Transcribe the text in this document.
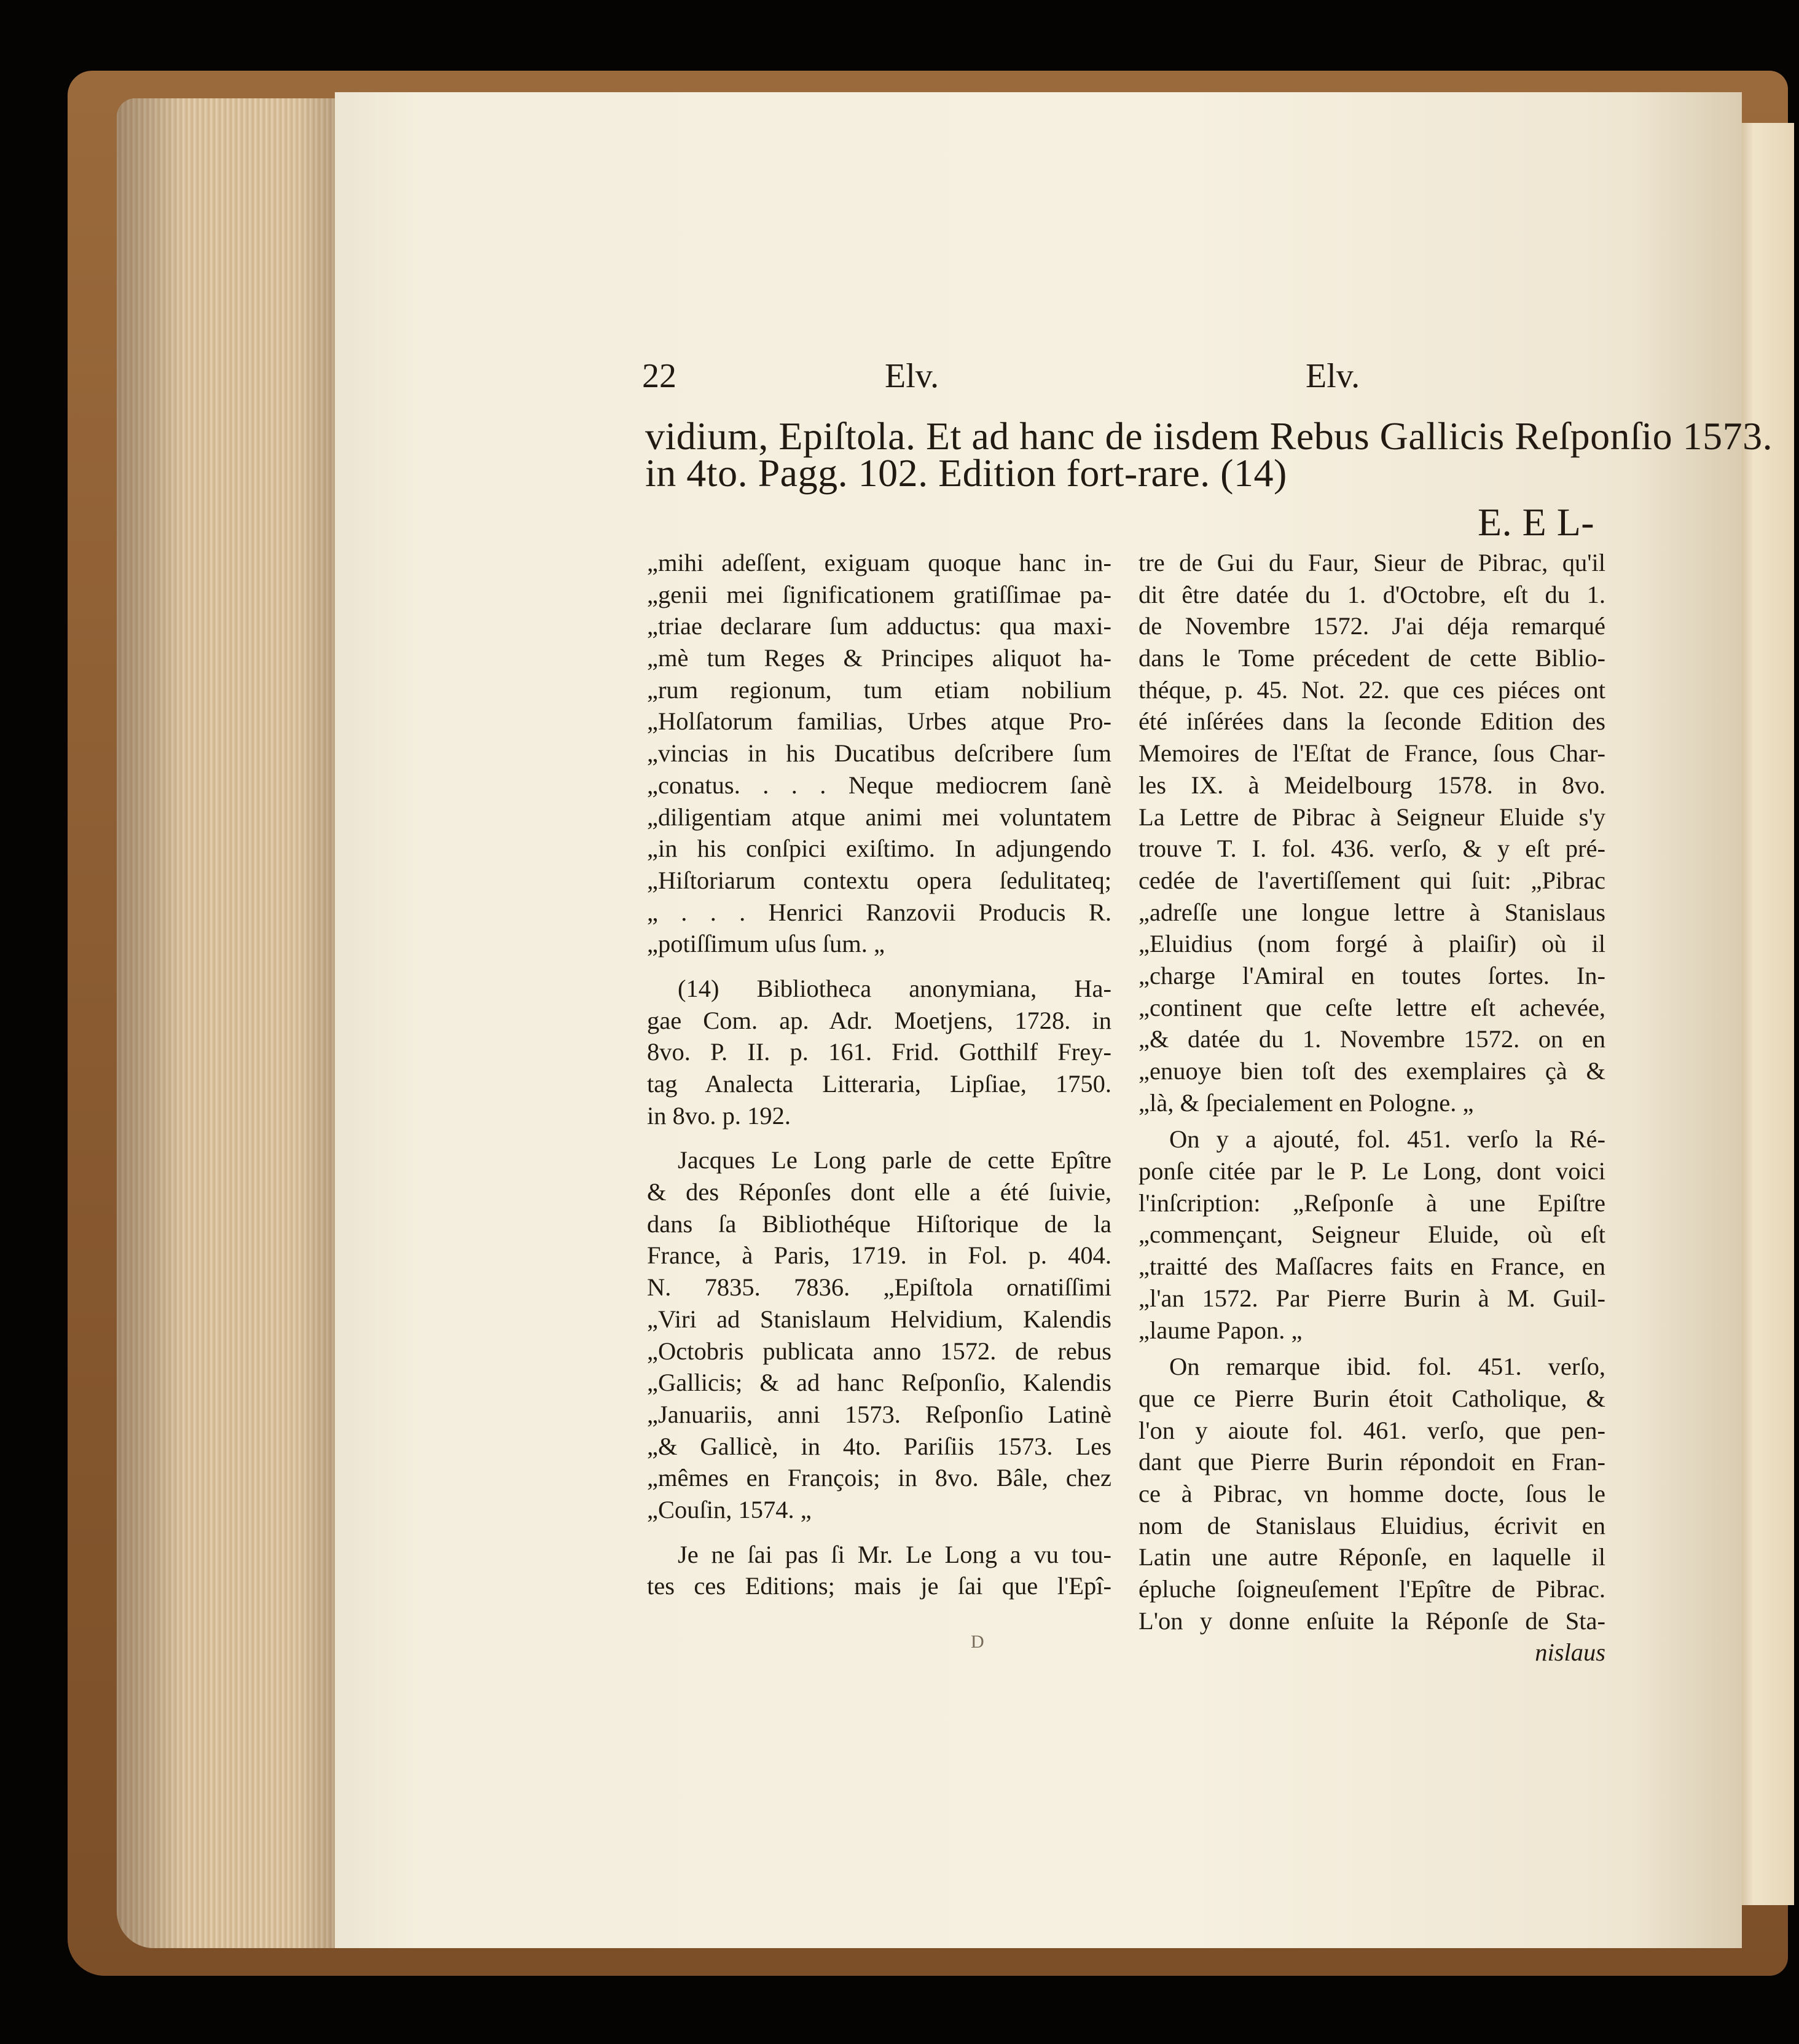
22	Elv.	Elv.
vidium, Epiſtola. Et ad hanc de iisdem Rebus Gallicis Reſponſio 1573.
in 4to. Pagg. 102. Edition fort-rare. (14)
E. E L-
„mihi adeſſent, exiguam quoque hanc in-
„genii mei ſignificationem gratiſſimae pa-
„triae declarare ſum adductus: qua maxi-
„mè tum Reges & Principes aliquot ha-
„rum regionum, tum etiam nobilium
„Holſatorum familias, Urbes atque Pro-
„vincias in his Ducatibus deſcribere ſum
„conatus. . . . Neque mediocrem ſanè
„diligentiam atque animi mei voluntatem
„in his conſpici exiſtimo. In adjungendo
„Hiſtoriarum contextu opera ſedulitateq;
„ . . . Henrici Ranzovii Producis R.
„potiſſimum uſus ſum. „
(14) Bibliotheca anonymiana, Ha-
gae Com. ap. Adr. Moetjens, 1728. in
8vo. P. II. p. 161. Frid. Gotthilf Frey-
tag Analecta Litteraria, Lipſiae, 1750.
in 8vo. p. 192.
Jacques Le Long parle de cette Epître
& des Réponſes dont elle a été ſuivie,
dans ſa Bibliothéque Hiſtorique de la
France, à Paris, 1719. in Fol. p. 404.
N. 7835. 7836. „Epiſtola ornatiſſimi
„Viri ad Stanislaum Helvidium, Kalendis
„Octobris publicata anno 1572. de rebus
„Gallicis; & ad hanc Reſponſio, Kalendis
„Januariis, anni 1573. Reſponſio Latinè
„& Gallicè, in 4to. Pariſiis 1573. Les
„mêmes en François; in 8vo. Bâle, chez
„Couſin, 1574. „
Je ne ſai pas ſi Mr. Le Long a vu tou-
tes ces Editions; mais je ſai que l'Epî-
tre de Gui du Faur, Sieur de Pibrac, qu'il
dit être datée du 1. d'Octobre, eſt du 1.
de Novembre 1572. J'ai déja remarqué
dans le Tome précedent de cette Biblio-
théque, p. 45. Not. 22. que ces piéces ont
été inſérées dans la ſeconde Edition des
Memoires de l'Eſtat de France, ſous Char-
les IX. à Meidelbourg 1578. in 8vo.
La Lettre de Pibrac à Seigneur Eluide s'y
trouve T. I. fol. 436. verſo, & y eſt pré-
cedée de l'avertiſſement qui ſuit: „Pibrac
„adreſſe une longue lettre à Stanislaus
„Eluidius (nom forgé à plaiſir) où il
„charge l'Amiral en toutes ſortes. In-
„continent que ceſte lettre eſt achevée,
„& datée du 1. Novembre 1572. on en
„enuoye bien toſt des exemplaires çà &
„là, & ſpecialement en Pologne. „
On y a ajouté, fol. 451. verſo la Ré-
ponſe citée par le P. Le Long, dont voici
l'inſcription: „Reſponſe à une Epiſtre
„commençant, Seigneur Eluide, où eſt
„traitté des Maſſacres faits en France, en
„l'an 1572. Par Pierre Burin à M. Guil-
„laume Papon. „
On remarque ibid. fol. 451. verſo,
que ce Pierre Burin étoit Catholique, &
l'on y aioute fol. 461. verſo, que pen-
dant que Pierre Burin répondoit en Fran-
ce à Pibrac, vn homme docte, ſous le
nom de Stanislaus Eluidius, écrivit en
Latin une autre Réponſe, en laquelle il
épluche ſoigneuſement l'Epître de Pibrac.
L'on y donne enſuite la Réponſe de Sta-
nislaus
D
